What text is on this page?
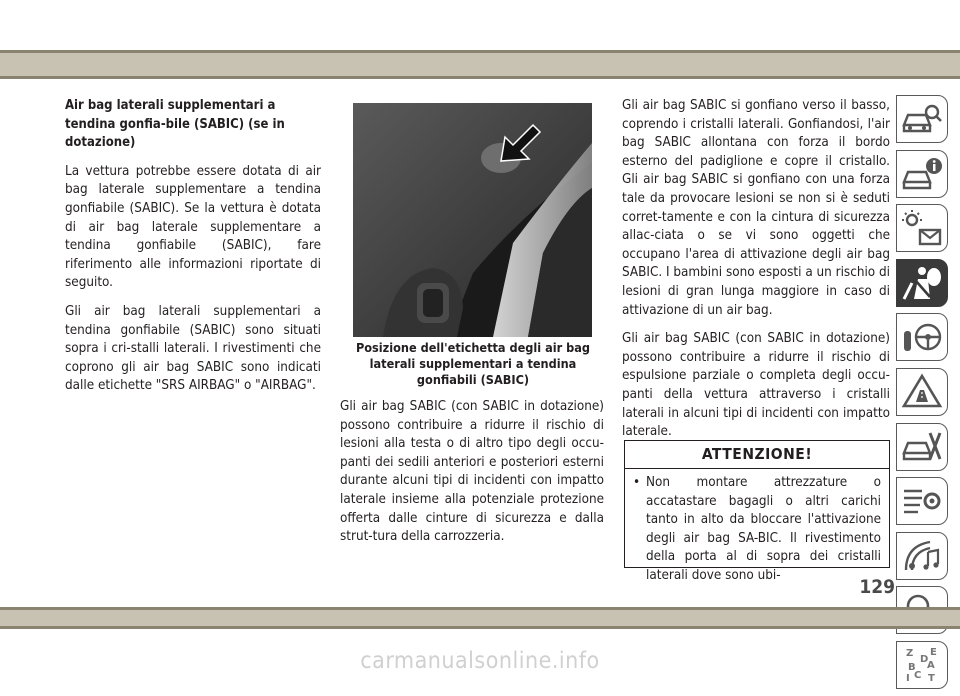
Air bag laterali supplementari a tendina gonfia-bile (SABIC) (se in dotazione)

La vettura potrebbe essere dotata di air bag laterale supplementare a tendina gonfiabile (SABIC). Se la vettura è dotata di air bag laterale supplementare a tendina gonfiabile (SABIC), fare riferimento alle informazioni riportate di seguito.

Gli air bag laterali supplementari a tendina gonfiabile (SABIC) sono situati sopra i cri-stalli laterali. I rivestimenti che coprono gli air bag SABIC sono indicati dalle etichette "SRS AIRBAG" o "AIRBAG".

Posizione dell'etichetta degli air bag laterali supplementari a tendina gonfiabili (SABIC)

Gli air bag SABIC (con SABIC in dotazione) possono contribuire a ridurre il rischio di lesioni alla testa o di altro tipo degli occu-panti dei sedili anteriori e posteriori esterni durante alcuni tipi di incidenti con impatto laterale insieme alla potenziale protezione offerta dalle cinture di sicurezza e dalla strut-tura della carrozzeria.

Gli air bag SABIC si gonfiano verso il basso, coprendo i cristalli laterali. Gonfiandosi, l'air bag SABIC allontana con forza il bordo esterno del padiglione e copre il cristallo. Gli air bag SABIC si gonfiano con una forza tale da provocare lesioni se non si è seduti corret-tamente e con la cintura di sicurezza allac-ciata o se vi sono oggetti che occupano l'area di attivazione degli air bag SABIC. I bambini sono esposti a un rischio di lesioni di gran lunga maggiore in caso di attivazione di un air bag.

Gli air bag SABIC (con SABIC in dotazione) possono contribuire a ridurre il rischio di espulsione parziale o completa degli occu-panti della vettura attraverso i cristalli laterali in alcuni tipi di incidenti con impatto laterale.

ATTENZIONE!
• Non montare attrezzature o accatastare bagagli o altri carichi tanto in alto da bloccare l'attivazione degli air bag SA-BIC. Il rivestimento della porta al di sopra dei cristalli laterali dove sono ubi-
Z E
A
B
D
I C T
129
carmanualsonline.info
